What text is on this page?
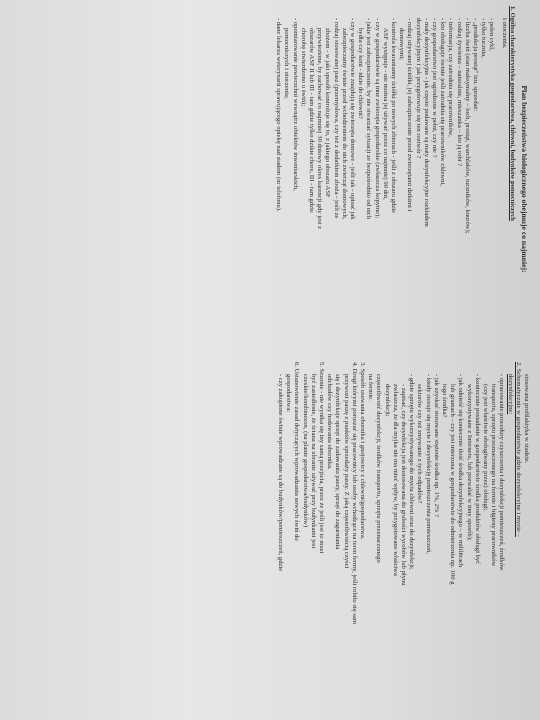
Plan bezpieczeństwa biologicznego obejmuje co najmniej:
1. Ogólna charakterystyka gospodarstwa, chlewni, budynków pomocniczych
i otoczenia.
- pełen cykl,
- tylko tucznia,
- „produkcja prosiąt" tzn. sprzedaż:
- liczba świń (stan maksymalny – loch, prosiąt, warchlaków, tuczników, knurów);
- rodzaj żywienia – naturalnie, mieszanka – kto ją robi ?
- informacja, czy zatrudnia się pracowników,
- kto obsługuje świnie jeśli zatrudnia się pracowników chlewni,
- czy gospodarstwo jest ogrodzone w pełni, czy nie ?
- mały dezynfekcyjne - jak często podawane są maty dezynfekcyjne rozkładem
dezynfekcyjnym i jak przygotowuje się ten roztwór ?
- rodzaj używanej ściółki, jej zabezpieczenie przed zwierzętami dzikimi i
domowymi;
- kontrola kwarantanny ściółki po nowych zbiorach - jeśli z obszaru gdzie
ASF występuje - nie można jej używać przez co najmniej 90 dni,
- czy w gospodarstwie są inne zwierzęta gospodarskie (zwłaszcza kopytne);
- jakie jest zabezpieczenie, by nie stwarzać sytuacji ze bezpośrednio od nich
bydła czy koni - idzie do chlewni?
- czy w gospodarstwie znajdują się zwierzęta domowe - jeśli tak - opisać jak
zabezpieczamy świnie przed wchodzeniem do nich zwierząt domowych,
- rodzaj stosowanej pasz (przemysłowa, czy też z dodatkiem zboża - jeśli ze
zbożem - w jaki sposób kontroluje się to, z jakiego obszaru ASF
przywiezione, by zachować co najmniej 30 dniowy okres karencji gdy jest z
obszarów ASF II lub III - tam gdzie tylko dzikie chore, III - tam gdzie
chorobę stwierdzono u świń);
- opomiarowanie powierzchni wewnątrz obiektów inwentarskich,
pomocniczych i otoczenia;
- dane lekarza weterynarii sprawującego opiekę nad stadem (nr telefonu).
stosowana profilaktyka w stadzie.
2. Schematycznie w gospodarstwie gdzie dezynfekcyjne i mycie –
dezynfekcyjne:
- opracowanie procedury czyszczenia i dezynfekcji pomieszczeń, środków
transportu, sprzętu przeznaczonego na fermie i higieny pracowników
(czy jest właściwie obsługiwany przez) obsługi;
- koniecznie posiadanie w gospodarstwie środka produktów obsługi być
wykorzystywane z Internetu, lub pozwalać w inny sposób);
- jak odnieść się koniecznie ilość środka dezynfekcyjnego – w mililitrach
lub gramach – czy jest mierzona w gospodarstwie do odmierzenia np. 100 g
tego środka?
- jak uzyskać stosowane stężenie środka np. 1%, 2% ?
- kiedy stosuje się mycie i dezynfekcję pomieszczenia pomieszczeń,
sektorów czy też zmywanie z tych odpadów?
- gdzie sprzętu wykorzystywanego do mycia chlewni oraz do dezynfekcji;
- zapisać, czy dezynfekcja jest dostosowana do grubości wyrobów lub płynu
zwłaszcza, że dla myjka nie ma mieć wpływ, by przygotowane właściwa
dezynfekcji;
częstotliwość dezynfekcji, środków transportu, sprzętu przeznaczonego
na fermie.
3. Sposób usuwania obornika i gnojowicy z chlewni/gospodarstwa.
4. Drogi którymi poruszać się pracownicy lub osoby wchodzące na teren fermy, jeśli robiło się sam
przywozi paszę z punktów sprzedaży paszy. Z jaką częstotliwością czyści
się i dezynfekuje sprzęt do zadawania paszy, sprzęt do zagarniania
odchodów czy hodowania obornika.
5. Sezonie - nie wynika się iny samą przejścia, przez że jeśli jest to musi
być zasiedlenie, że ściana na ubranie używać przy budynkami jest
czeskie/kombinezon, (na planie gospodarstwa/budynków)
6. Ustanowienie zasad dotyczących wprowadzania nowych świń do
gospodarstwa:
- czy zakupione świnie wprowadzane są do budynków/pomieszczeń, gdzie
